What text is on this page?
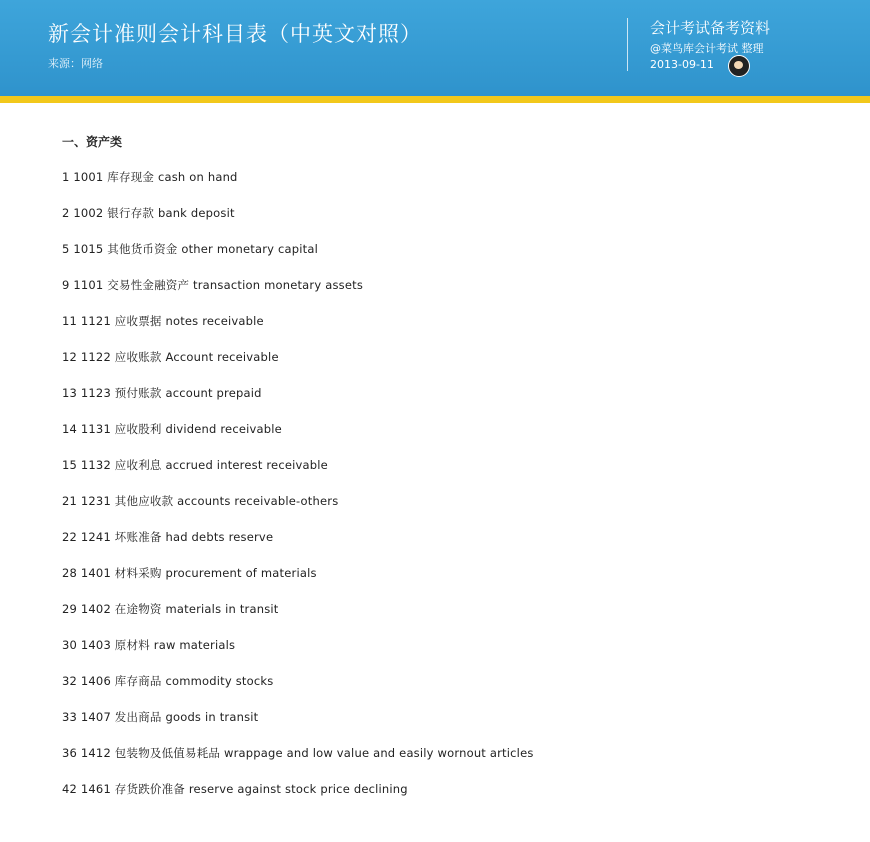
新会计准则会计科目表（中英文对照）
来源：网络
会计考试备考资料
@菜鸟库会计考试 整理
2013-09-11
一、资产类
1 1001 库存现金 cash on hand
2 1002 银行存款 bank deposit
5 1015 其他货币资金 other monetary capital
9 1101 交易性金融资产 transaction monetary assets
11 1121 应收票据 notes receivable
12 1122 应收账款 Account receivable
13 1123 预付账款 account prepaid
14 1131 应收股利 dividend receivable
15 1132 应收利息 accrued interest receivable
21 1231 其他应收款 accounts receivable-others
22 1241 坏账准备 had debts reserve
28 1401 材料采购 procurement of materials
29 1402 在途物资 materials in transit
30 1403 原材料 raw materials
32 1406 库存商品 commodity stocks
33 1407 发出商品 goods in transit
36 1412 包装物及低值易耗品 wrappage and low value and easily wornout articles
42 1461 存货跌价准备 reserve against stock price declining
